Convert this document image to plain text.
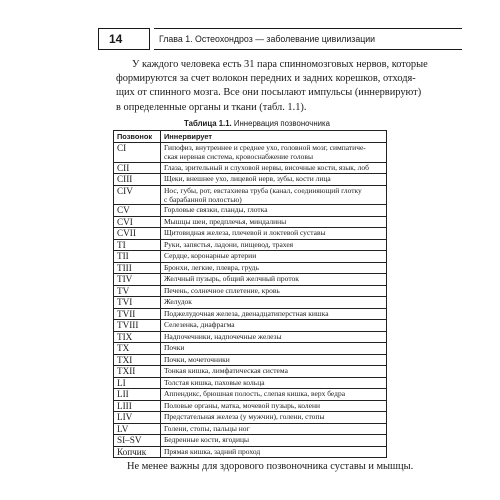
14	Глава 1. Остеохондроз — заболевание цивилизации
У каждого человека есть 31 пара спинномозговых нервов, которые
формируются за счет волокон передних и задних корешков, отходя-
щих от спинного мозга. Все они посылают импульсы (иннервируют)
в определенные органы и ткани (табл. 1.1).
Таблица 1.1. Иннервация позвоночника
Позвонок	Иннервирует
CI	Гипофиз, внутреннее и среднее ухо, головной мозг, симпатиче-
ская нервная система, кровоснабжение головы

CII	Глаза, зрительный и слуховой нервы, височные кости, язык, лоб

CIII	Щеки, внешнее ухо, лицевой нерв, зубы, кости лица

CIV	Нос, губы, рот, евстахиева труба (канал, соединяющий глотку
с барабанной полостью)

CV	Горловые связки, гланды, глотка

CVI	Мышцы шеи, предплечья, миндалины

CVII	Щитовидная железа, плечевой и локтевой суставы

TI	Руки, запястья, ладони, пищевод, трахея

TII	Сердце, коронарные артерии

TIII	Бронхи, легкие, плевра, грудь

TIV	Желчный пузырь, общий желчный проток

TV	Печень, солнечное сплетение, кровь

TVI	Желудок

TVII	Поджелудочная железа, двенадцатиперстная кишка

TVIII	Селезенка, диафрагма

TIX	Надпочечники, надпочечные железы

TX	Почки

TXI	Почки, мочеточники

TXII	Тонкая кишка, лимфатическая система

LI	Толстая кишка, паховые кольца

LII	Аппендикс, брюшная полость, слепая кишка, верх бедра

LIII	Половые органы, матка, мочевой пузырь, колени

LIV	Предстательная железа (у мужчин), голени, стопы

LV	Голени, стопы, пальцы ног

SI–SV	Бедренные кости, ягодицы

Копчик	Прямая кишка, задний проход

Не менее важны для здорового позвоночника суставы и мышцы.
